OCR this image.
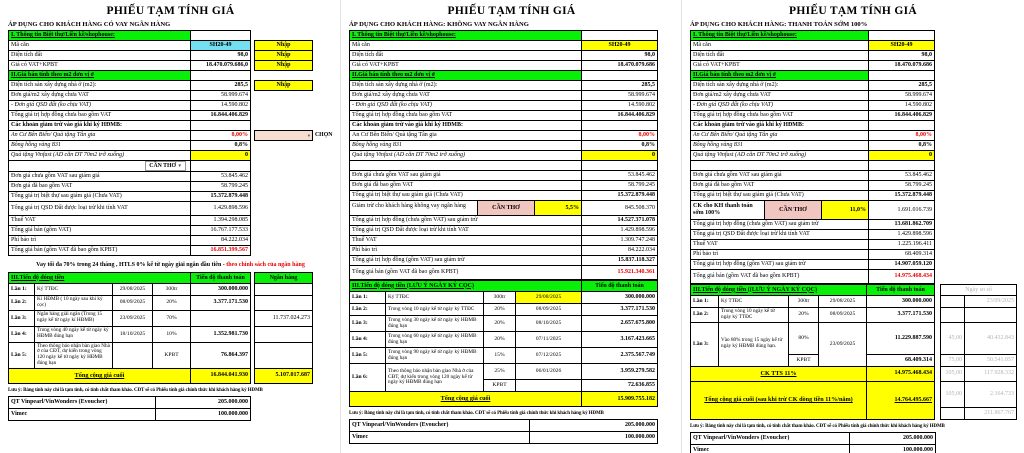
PHIẾU TẠM TÍNH GIÁ
ÁP DỤNG CHO KHÁCH HÀNG CÓ VAY NGÂN HÀNG
I. Thông tin Biệt thự/Liền kề/shophouse:				
Mã căn	SH20-49		Nhập	
Diện tích đất	98,0		Nhập	
Giá có VAT+KPBT	18.470.079.686,0		Nhập	
II.Giá bán tính theo m2 đơn vị ở				
Diện tích sàn xây dựng nhà ở (m2):	285,5		Nhập	
Đơn giá/m2 xây dựng chưa VAT	58.999.674			
- Đơn giá QSD đất (ko chịu VAT)	14.590.802			
Tổng giá trị hợp đồng chưa bao gồm VAT	16.844.406.829			
Các khoản giảm trừ vào giá khi ký HĐMB:				
An Cư Bên Biển/ Quà tặng Tân gia	8,00%		▾	CHỌN
Bông hồng vàng 831	0,8%			
Quà tặng Vinfast (AD căn DT 70m2 trở xuống)	0			
CẦN THƠ ▼				
Đơn giá chưa gồm VAT sau giảm giá	53.845.462			
Đơn giá đã bao gồm VAT	58.799.245			
Tổng giá trị biệt thự sau giảm giá (Chưa VAT)	15.372.879.448			
Tổng giá trị QSD Đất được loại trừ khi tính VAT	1.429.898.596			
Thuế VAT	1.394.298.085			
Tổng giá bán (gồm VAT)	16.767.177.533			
Phí bảo trì	84.222.034			
Tổng giá bán (gồm VAT đã bao gồm KPBT)	16.851.399.567			
Vay tối đa 70% trong 24 tháng , HTLS 0% kể từ ngày giải ngân đầu tiên - theo chính sách của ngân hàng
III.Tiến độ đóng tiền				Tiến độ thanh toán		Ngân hàng	
Lần 1:	Ký TTĐC	29/08/2025	300tr	300.000.000			
Lần 2:	Kí HĐMB ( 10 ngày sau khi ký cọc)	08/09/2025	20%	3.377.171.530			
Lần 3:	Ngân hàng giải ngân (Trong 15 ngày kể từ ngày kí HĐMB)	23/09/2025	70%			11.737.024.273	
Lần 4:	Trong vòng 40 ngày kể từ ngày ký HĐMB đúng hạn	18/10/2025	10%	1.352.981.730			
Lần 5:	Theo thông báo nhận bàn giao Nhà ở của CĐT, dự kiến trong vòng 120 ngày kể từ ngày ký HĐMB đúng hạn		KPBT	76.864.397			
Tổng cộng giá cuối				16.844.041.930		5.107.017.687	
Lưu ý: Bảng tính này chỉ là tạm tính, có tính chất tham khảo. CĐT sẽ có Phiếu tính giá chính thức khi khách hàng ký HĐMB
QT Vinpearl/VinWonders (Evoucher)	205.000.000
Vimec	100.000.000
PHIẾU TẠM TÍNH GIÁ
ÁP DỤNG CHO KHÁCH HÀNG: KHÔNG VAY NGÂN HÀNG
I. Thông tin Biệt thự/Liền kề/shophouse:		
Mã căn	SH20-49	
Diện tích đất	98,0	
Giá có VAT+KPBT	18.470.079.686	
II.Giá bán tính theo m2 đơn vị ở		
Diện tích sàn xây dựng nhà ở (m2):	285,5	
Đơn giá/m2 xây dựng chưa VAT	58.999.674	
- Đơn giá QSD đất (ko chịu VAT)	14.590.802	
Tổng giá trị hợp đồng chưa bao gồm VAT	16.844.406.829	
Các khoản giảm trừ vào giá khi ký HĐMB:		
An Cư Bên Biển/ Quà tặng Tân gia	8,00%	
Bông hồng vàng 831	0,8%	
Quà tặng Vinfast (AD căn DT 70m2 trở xuống)	0	

Đơn giá chưa gồm VAT sau giảm giá	53.845.462	
Đơn giá đã bao gồm VAT	58.799.245	
Tổng giá trị biệt thự sau giảm giá (Chưa VAT)	15.372.879.448	

Giảm trừ cho khách hàng không vay ngân hàng CẦN THƠ 5,5%	845.508.370	
Tổng giá trị hợp đồng (chưa gồm VAT) sau giảm trừ	14.527.371.078	
Tổng giá trị QSD Đất được loại trừ khi tính VAT	1.429.898.596	
Thuế VAT	1.309.747.248	
Phí bảo trì	84.222.034	
Tổng giá trị hợp đồng (gồm VAT) sau giảm trừ	15.837.118.327	
Tổng giá bán (gồm VAT đã bao gồm KPBT)	15.921.340.361	
III.Tiến độ đóng tiền (LƯU Ý NGÀY KÝ CỌC)				Tiến độ thanh toán	
Lần 1:	Ký TTĐC	300tr	29/08/2025	300.000.000	
Lần 2:	Trong vòng 10 ngày kể từ ngày ký TTĐC	20%	08/09/2025	3.377.171.530	
Lần 3:	Trong vòng 30 ngày kể từ ngày ký HĐMB đúng hạn	20%	08/10/2025	2.657.675.800	
Lần 4:	Trong vòng 60 ngày kể từ ngày ký HĐMB đúng hạn	20%	07/11/2025	3.167.423.665	
Lần 5:	Trong vòng 90 ngày kể từ ngày ký HĐMB đúng hạn	15%	07/12/2025	2.375.567.749	
Lần 6:	Theo thông báo nhận bàn giao Nhà ở của CĐT, dự kiến trong vòng 120 ngày kể từ ngày ký HĐMB đúng hạn	25%	06/01/2026	3.959.279.582	
		KPBT		72.636.855	
Tổng cộng giá cuối				15.909.755.182	
Lưu ý: Bảng tính này chỉ là tạm tính, có tính chất tham khảo. CĐT sẽ có Phiếu tính giá chính thức khi khách hàng ký HĐMB
QT Vinpearl/VinWonders (Evoucher)	205.000.000
Vimec	100.000.000
PHIẾU TẠM TÍNH GIÁ
ÁP DỤNG CHO KHÁCH HÀNG: THANH TOÁN SỚM 100%
I. Thông tin Biệt thự/Liền kề/shophouse:				
Mã căn	SH20-49			
Diện tích đất	98,0			
Giá có VAT+KPBT	18.470.079.686			
II.Giá bán tính theo m2 đơn vị ở				
Diện tích sàn xây dựng nhà ở (m2):	285,5			
Đơn giá/m2 xây dựng chưa VAT	58.999.674			
- Đơn giá QSD đất (ko chịu VAT)	14.590.802			
Tổng giá trị hợp đồng chưa bao gồm VAT	16.844.406.829			
Các khoản giảm trừ vào giá khi ký HĐMB:				
An Cư Bên Biển/ Quà tặng Tân gia	8,00%			
Bông hồng vàng 831	0,8%			
Quà tặng Vinfast (AD căn DT 70m2 trở xuống)	0			

Đơn giá chưa gồm VAT sau giảm giá	53.845.462			
Đơn giá đã bao gồm VAT	58.799.245			
Tổng giá trị biệt thự sau giảm giá (Chưa VAT)	15.372.879.448			

CK cho KH thanh toán sớm 100%
CẦN THƠ 11,0%	1.691.016.739			
Tổng giá trị hợp đồng (chưa gồm VAT) sau giảm trừ	13.681.862.709			
Tổng giá trị QSD Đất được loại trừ khi tính VAT	1.429.898.596			
Thuế VAT	1.225.196.411			
Phí bảo trì	68.409.314			
Tổng giá trị hợp đồng (gồm VAT) sau giảm trừ	14.907.059.120			
Tổng giá bán (gồm VAT đã bao gồm KPBT)	14.975.468.434			
III.Tiến độ đóng tiền ((LƯU Ý NGÀY KÝ CỌC)				Tiến độ thanh toán		Ngày so sổ	
Lần 1:	Ký TTĐC	300tr	29/08/2025	300.000.000			23/09/2025
Lần 2:	Trong vòng 10 ngày kể từ ngày ký TTĐC	20%	08/09/2025	3.377.171.530			
Lần 3:	Vào 80% trong 15 ngày kể từ ngày ký HĐMB đúng hạn.	80%	23/09/2025	11.229.887.590		45,00	40.432.843
		KPBT		68.409.314		75,00	50.541.057
CK TTS 11%				14.975.468.434		105,00	117.928.332
Tổng cộng giá cuối (sau khi trừ CK dòng tiền 11%/năm)				14.764.495.667		105,00	2.164.733
							211.867.767
Lưu ý: Bảng tính này chỉ là tạm tính, có tính chất tham khảo. CĐT sẽ có Phiếu tính giá chính thức khi khách hàng ký HĐMB
QT Vinpearl/VinWonders (Evoucher)	205.000.000
Vimec	100.000.000
